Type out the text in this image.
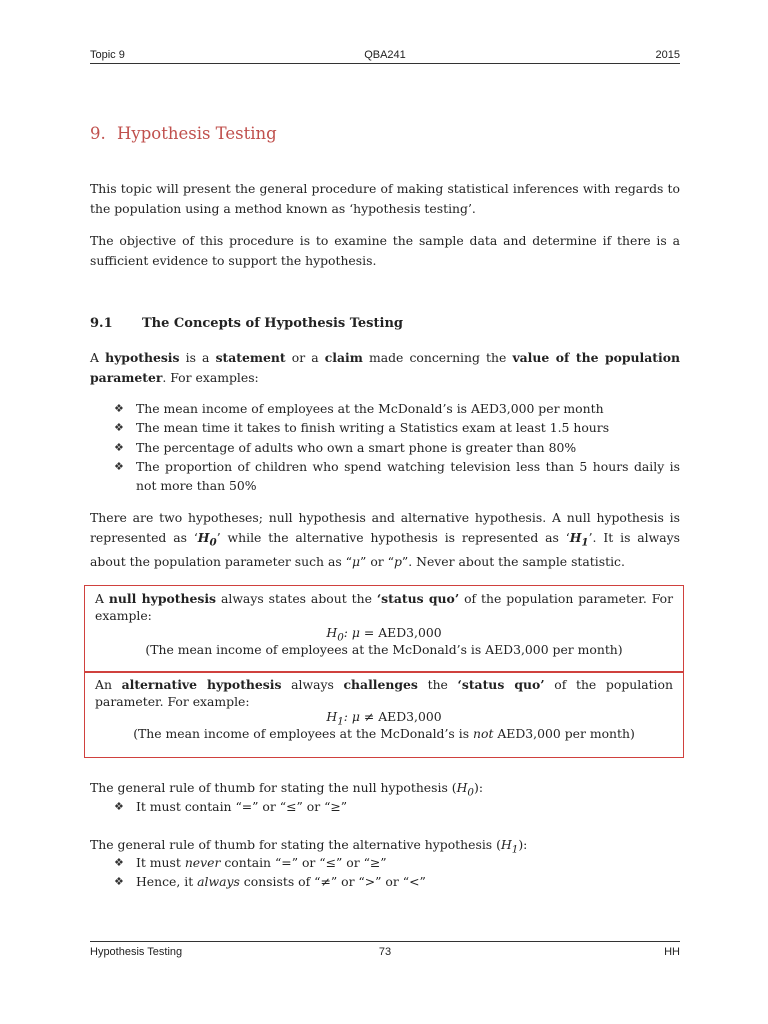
Topic 9	QBA241	2015
9. Hypothesis Testing
This topic will present the general procedure of making statistical inferences with regards to the population using a method known as ‘hypothesis testing’.
The objective of this procedure is to examine the sample data and determine if there is a sufficient evidence to support the hypothesis.
9.1 The Concepts of Hypothesis Testing
A hypothesis is a statement or a claim made concerning the value of the population parameter. For examples:
❖ The mean income of employees at the McDonald’s is AED3,000 per month
❖ The mean time it takes to finish writing a Statistics exam at least 1.5 hours
❖ The percentage of adults who own a smart phone is greater than 80%
❖ The proportion of children who spend watching television less than 5 hours daily is not more than 50%
There are two hypotheses; null hypothesis and alternative hypothesis. A null hypothesis is represented as ‘$H_0$’ while the alternative hypothesis is represented as ‘$H_1$’. It is always about the population parameter such as “μ” or “p”. Never about the sample statistic.
A null hypothesis always states about the ‘status quo’ of the population parameter. For example:
$H_0$: μ = AED3,000
(The mean income of employees at the McDonald’s is AED3,000 per month)
An alternative hypothesis always challenges the ‘status quo’ of the population parameter. For example:
$H_1$: μ ≠ AED3,000
(The mean income of employees at the McDonald’s is not AED3,000 per month)
The general rule of thumb for stating the null hypothesis $(H_0)$:
❖ It must contain “=” or “≤” or “≥”
The general rule of thumb for stating the alternative hypothesis $(H_1)$:
❖ It must never contain “=” or “≤” or “≥”
❖ Hence, it always consists of “≠” or “>” or “<”
Hypothesis Testing	73	HH
